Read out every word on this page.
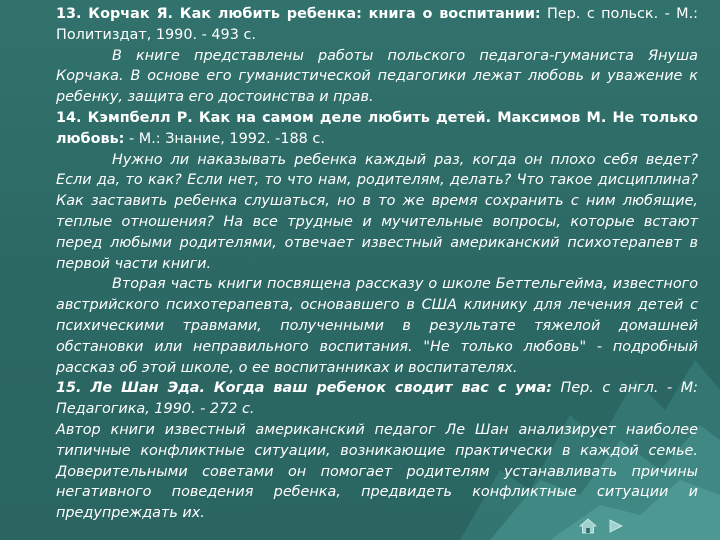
13. Корчак Я. Как любить ребенка: книга о воспитании: Пер. с польск. - М.: Политиздат, 1990. - 493 с.

В книге представлены работы польского педагога-гуманиста Януша Корчака. В основе его гуманистической педагогики лежат любовь и уважение к ребенку, защита его достоинства и прав.

14. Кэмпбелл Р. Как на самом деле любить детей. Максимов М. Не только любовь: - М.: Знание, 1992. -188 с.

Нужно ли наказывать ребенка каждый раз, когда он плохо себя ведет? Если да, то как? Если нет, то что нам, родителям, делать? Что такое дисциплина? Как заставить ребенка слушаться, но в то же время сохранить с ним любящие, теплые отношения? На все трудные и мучительные вопросы, которые встают перед любыми родителями, отвечает известный американский психотерапевт в первой части книги.

Вторая часть книги посвящена рассказу о школе Беттельгейма, известного австрийского психотерапевта, основавшего в США клинику для лечения детей с психическими травмами, полученными в результате тяжелой домашней обстановки или неправильного воспитания. "Не только любовь" - подробный рассказ об этой школе, о ее воспитанниках и воспитателях.

15. Ле Шан Эда. Когда ваш ребенок сводит вас с ума: Пер. с англ. - М: Педагогика, 1990. - 272 с.

Автор книги известный американский педагог Ле Шан анализирует наиболее типичные конфликтные ситуации, возникающие практически в каждой семье. Доверительными советами он помогает родителям устанавливать причины негативного поведения ребенка, предвидеть конфликтные ситуации и предупреждать их.
